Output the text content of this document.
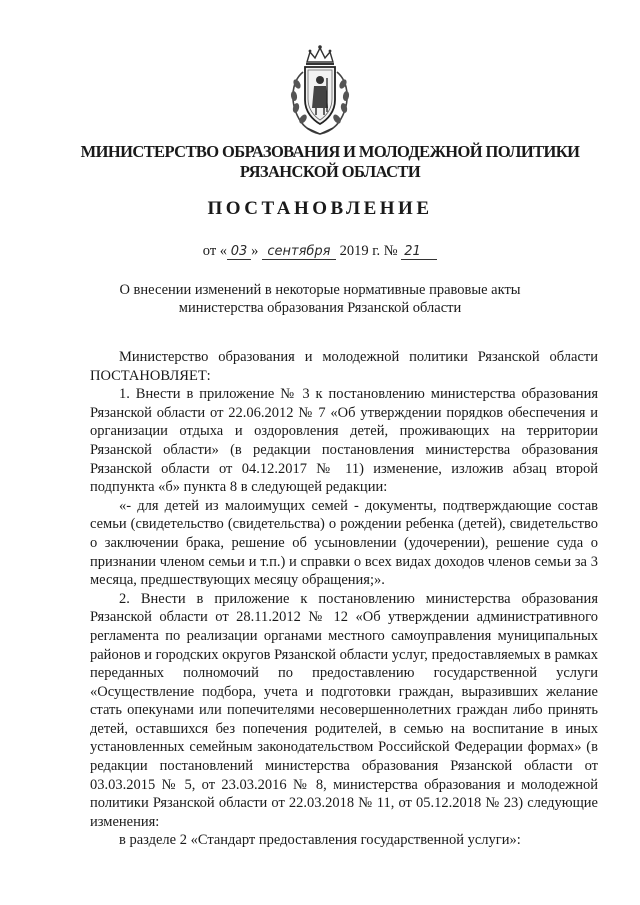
МИНИСТЕРСТВО ОБРАЗОВАНИЯ И МОЛОДЕЖНОЙ ПОЛИТИКИ
РЯЗАНСКОЙ ОБЛАСТИ
ПОСТАНОВЛЕНИЕ
от « 03 » сентября 2019 г. № 21
О внесении изменений в некоторые нормативные правовые акты
министерства образования Рязанской области

Министерство образования и молодежной политики Рязанской области ПОСТАНОВЛЯЕТ:

1. Внести в приложение № 3 к постановлению министерства образования Рязанской области от 22.06.2012 № 7 «Об утверждении порядков обеспечения и организации отдыха и оздоровления детей, проживающих на территории Рязанской области» (в редакции постановления министерства образования Рязанской области от 04.12.2017 № 11) изменение, изложив абзац второй подпункта «б» пункта 8 в следующей редакции:

«- для детей из малоимущих семей - документы, подтверждающие состав семьи (свидетельство (свидетельства) о рождении ребенка (детей), свидетельство о заключении брака, решение об усыновлении (удочерении), решение суда о признании членом семьи и т.п.) и справки о всех видах доходов членов семьи за 3 месяца, предшествующих месяцу обращения;».

2. Внести в приложение к постановлению министерства образования Рязанской области от 28.11.2012 № 12 «Об утверждении административного регламента по реализации органами местного самоуправления муниципальных районов и городских округов Рязанской области услуг, предоставляемых в рамках переданных полномочий по предоставлению государственной услуги «Осуществление подбора, учета и подготовки граждан, выразивших желание стать опекунами или попечителями несовершеннолетних граждан либо принять детей, оставшихся без попечения родителей, в семью на воспитание в иных установленных семейным законодательством Российской Федерации формах» (в редакции постановлений министерства образования Рязанской области от 03.03.2015 № 5, от 23.03.2016 № 8, министерства образования и молодежной политики Рязанской области от 22.03.2018 № 11, от 05.12.2018 № 23) следующие изменения:

в разделе 2 «Стандарт предоставления государственной услуги»:
